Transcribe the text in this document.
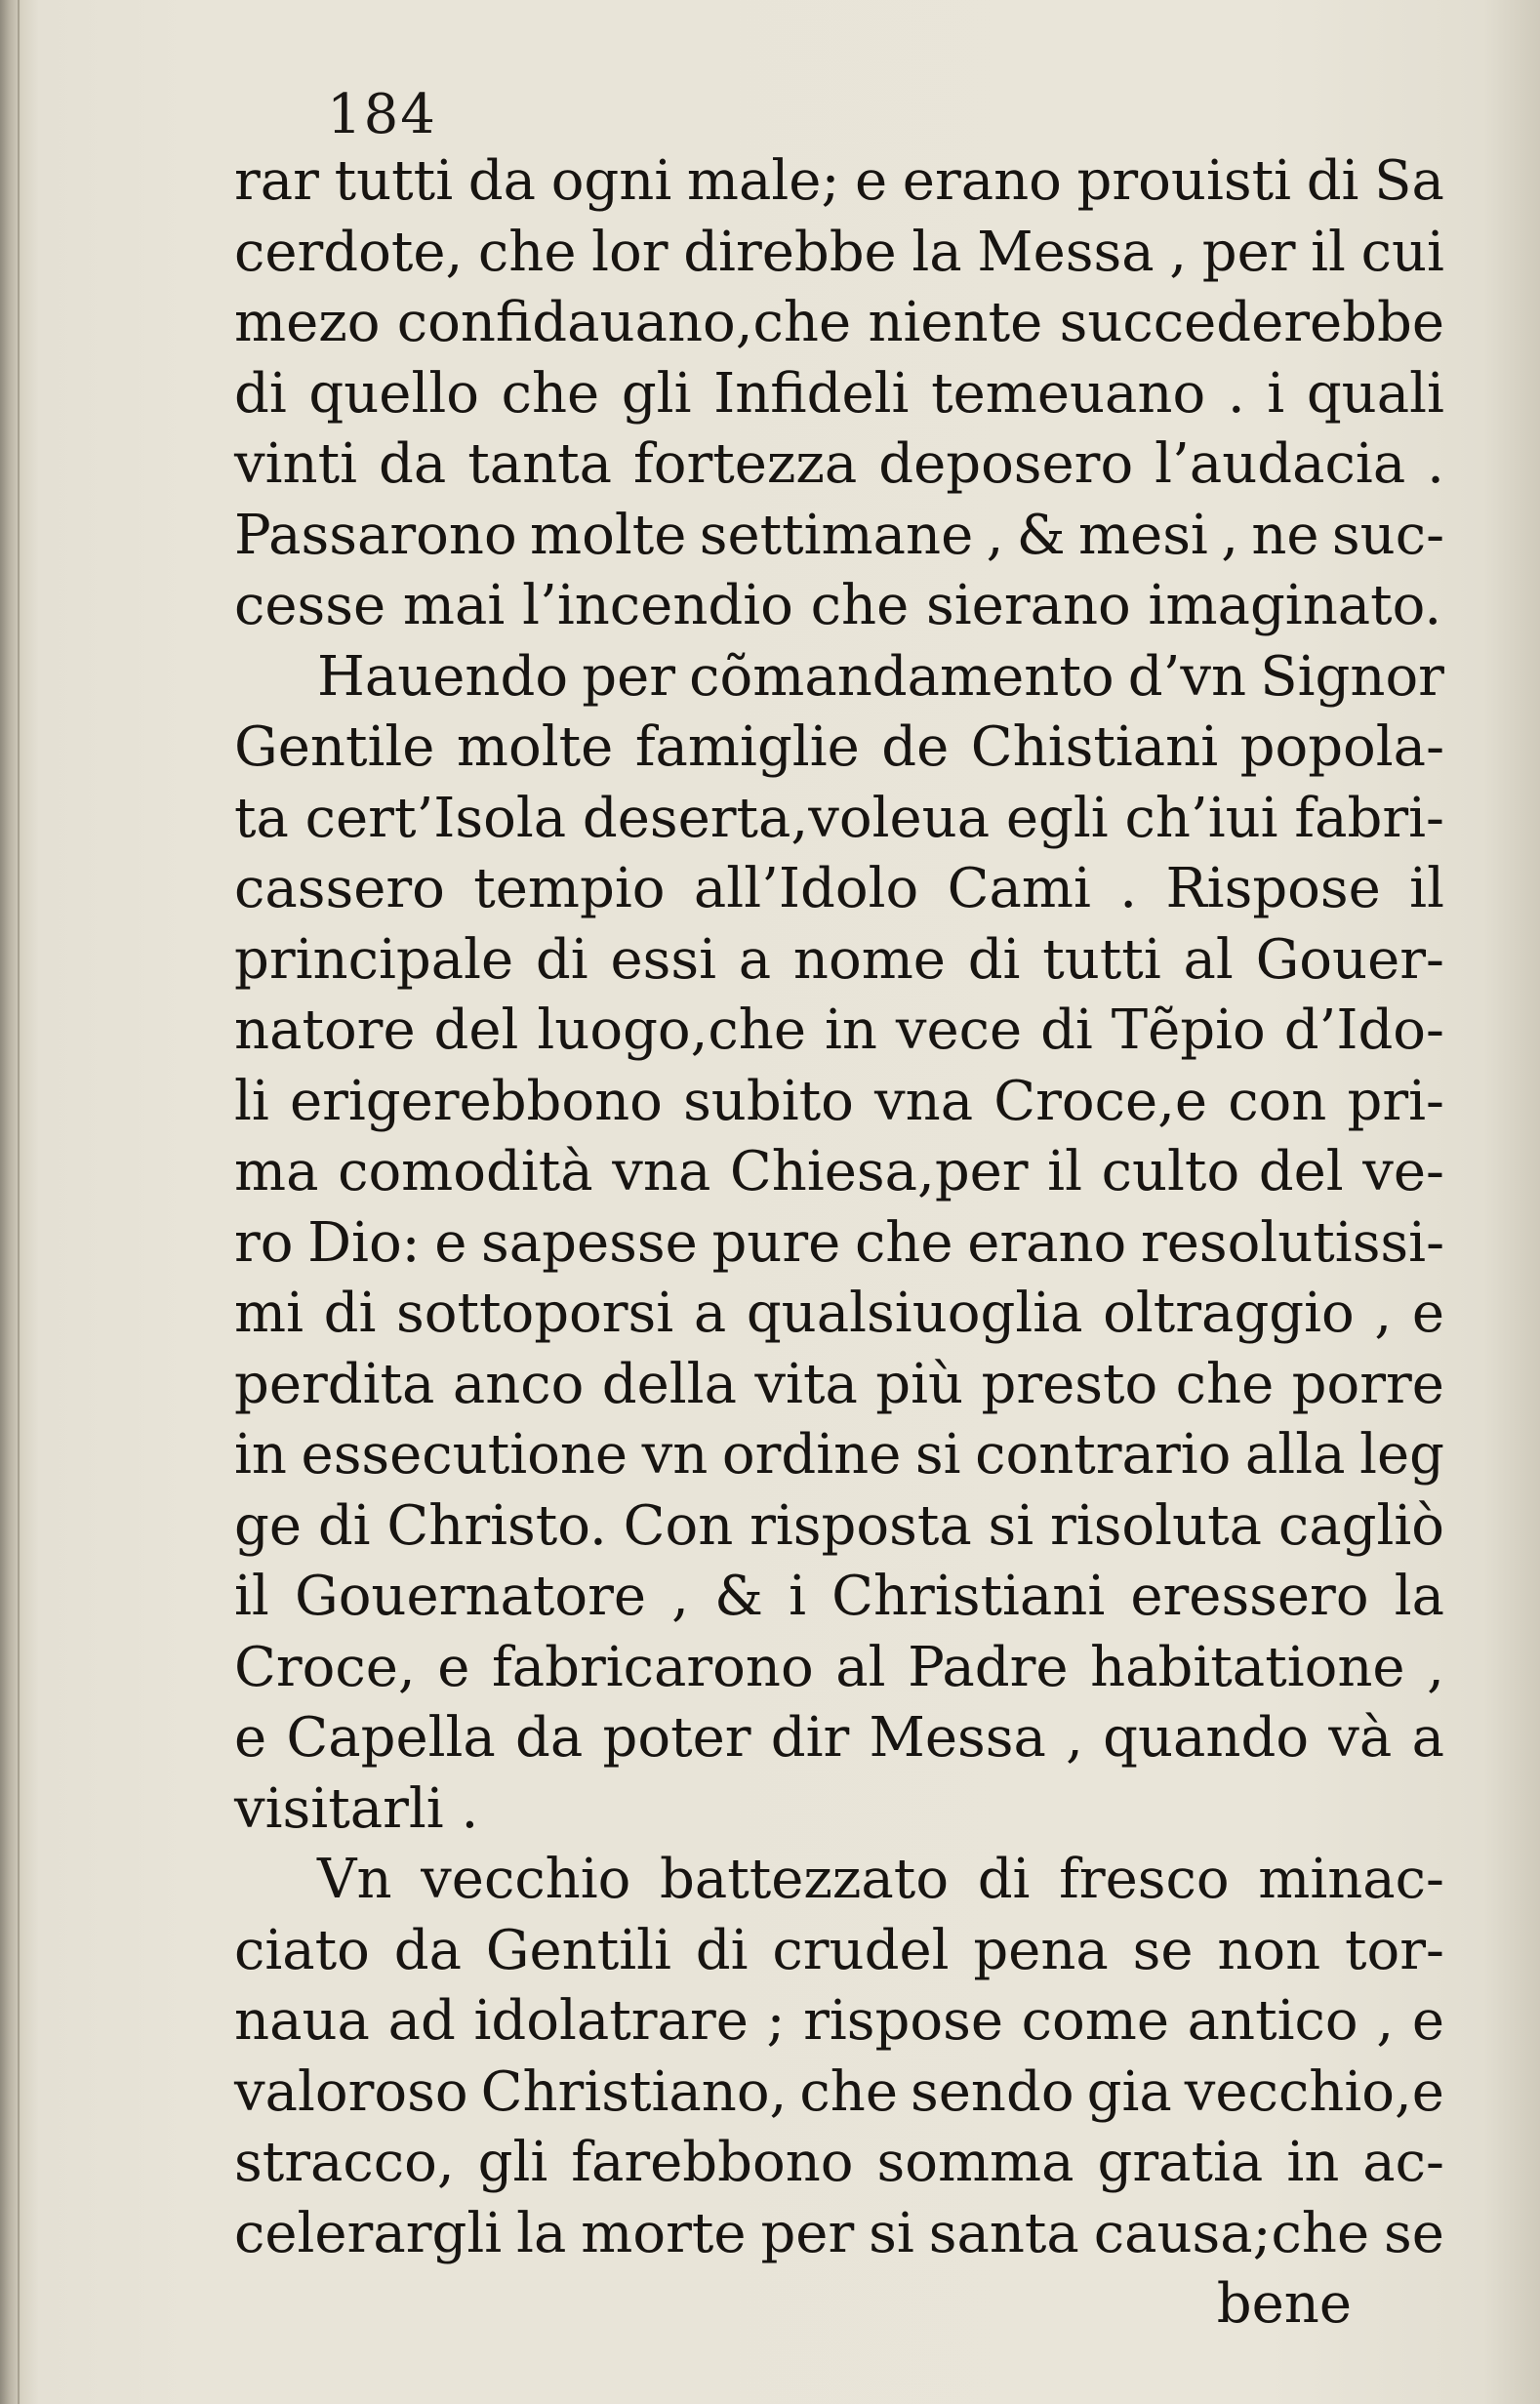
184
rar tutti da ogni male; e erano prouisti di Sa
cerdote, che lor direbbe la Messa , per il cui
mezo confidauano,che niente succederebbe
di quello che gli Infideli temeuano . i quali
vinti da tanta fortezza deposero l’audacia .
Passarono molte settimane , & mesi , ne suc-
cesse mai l’incendio che sierano imaginato.
Hauendo per cõmandamento d’vn Signor
Gentile molte famiglie de Chistiani popola-
ta cert’Isola deserta,voleua egli ch’iui fabri-
cassero tempio all’Idolo Cami . Rispose il
principale di essi a nome di tutti al Gouer-
natore del luogo,che in vece di Tẽpio d’Ido-
li erigerebbono subito vna Croce,e con pri-
ma comodità vna Chiesa,per il culto del ve-
ro Dio: e sapesse pure che erano resolutissi-
mi di sottoporsi a qualsiuoglia oltraggio , e
perdita anco della vita più presto che porre
in essecutione vn ordine si contrario alla leg
ge di Christo. Con risposta si risoluta cagliò
il Gouernatore , & i Christiani eressero la
Croce, e fabricarono al Padre habitatione ,
e Capella da poter dir Messa , quando và a
visitarli .
Vn vecchio battezzato di fresco minac-
ciato da Gentili di crudel pena se non tor-
naua ad idolatrare ; rispose come antico , e
valoroso Christiano, che sendo gia vecchio,e
stracco, gli farebbono somma gratia in ac-
celerargli la morte per si santa causa;che se
bene
